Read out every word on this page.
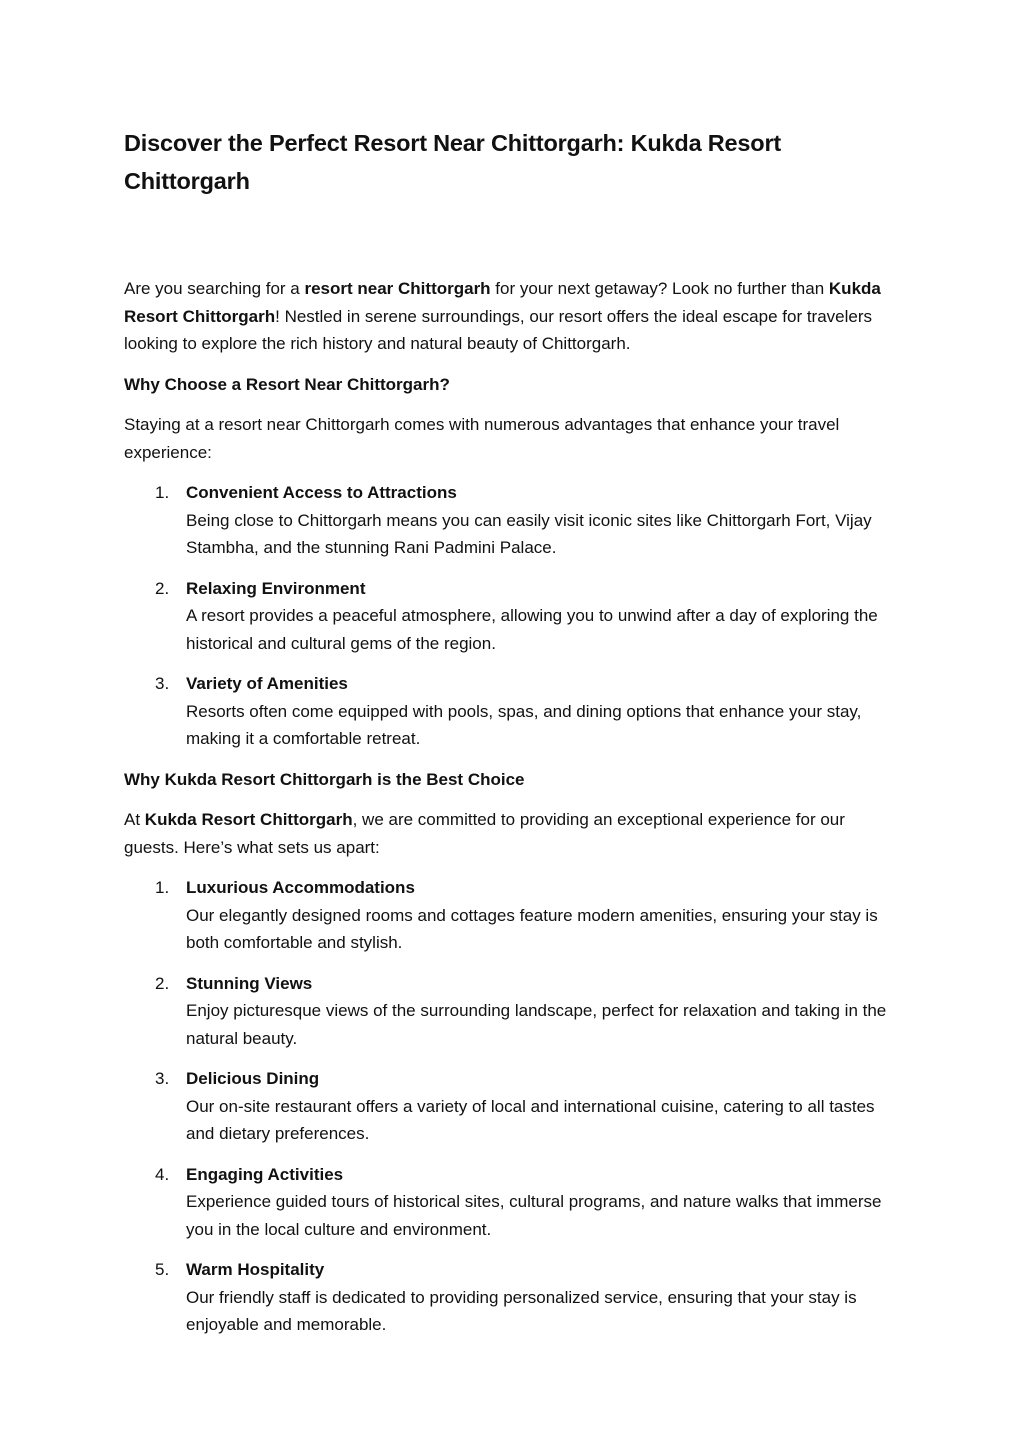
Discover the Perfect Resort Near Chittorgarh: Kukda Resort Chittorgarh

Are you searching for a resort near Chittorgarh for your next getaway? Look no further than Kukda Resort Chittorgarh! Nestled in serene surroundings, our resort offers the ideal escape for travelers looking to explore the rich history and natural beauty of Chittorgarh.

Why Choose a Resort Near Chittorgarh?

Staying at a resort near Chittorgarh comes with numerous advantages that enhance your travel experience:

1. Convenient Access to Attractions
Being close to Chittorgarh means you can easily visit iconic sites like Chittorgarh Fort, Vijay Stambha, and the stunning Rani Padmini Palace.
2. Relaxing Environment
A resort provides a peaceful atmosphere, allowing you to unwind after a day of exploring the historical and cultural gems of the region.
3. Variety of Amenities
Resorts often come equipped with pools, spas, and dining options that enhance your stay, making it a comfortable retreat.

Why Kukda Resort Chittorgarh is the Best Choice

At Kukda Resort Chittorgarh, we are committed to providing an exceptional experience for our guests. Here’s what sets us apart:

1. Luxurious Accommodations
Our elegantly designed rooms and cottages feature modern amenities, ensuring your stay is both comfortable and stylish.
2. Stunning Views
Enjoy picturesque views of the surrounding landscape, perfect for relaxation and taking in the natural beauty.
3. Delicious Dining
Our on-site restaurant offers a variety of local and international cuisine, catering to all tastes and dietary preferences.
4. Engaging Activities
Experience guided tours of historical sites, cultural programs, and nature walks that immerse you in the local culture and environment.
5. Warm Hospitality
Our friendly staff is dedicated to providing personalized service, ensuring that your stay is enjoyable and memorable.
